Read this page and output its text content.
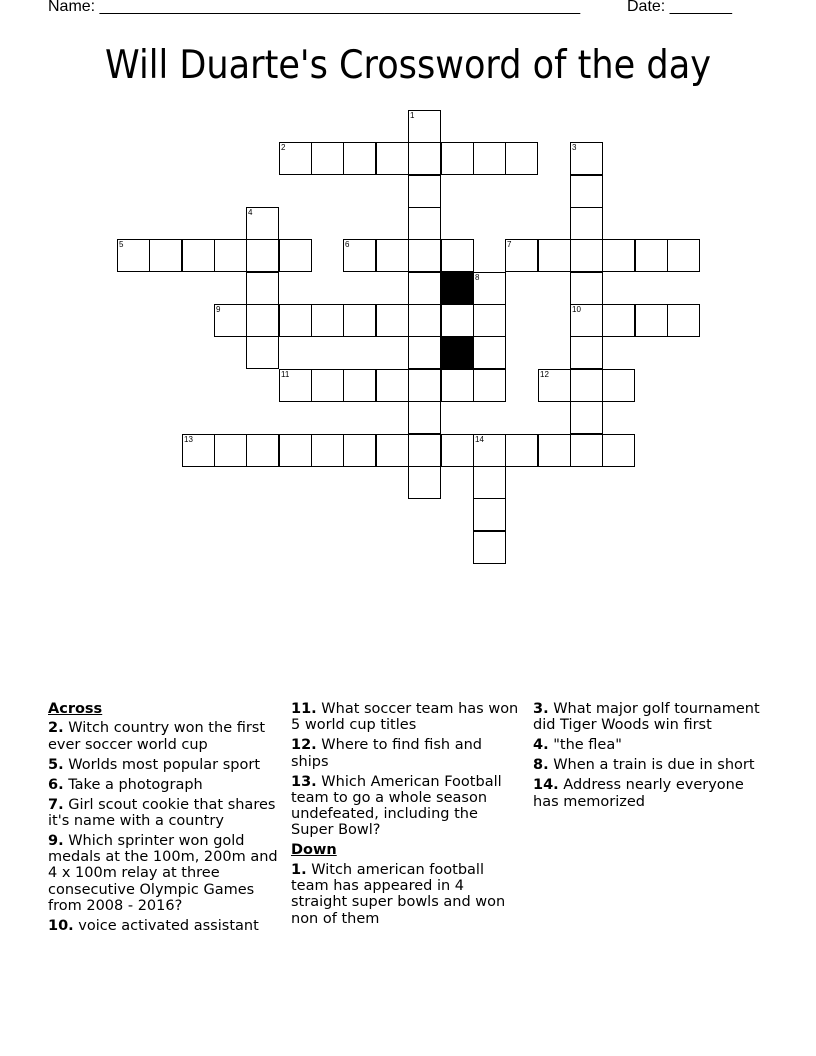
Name: ______________________________________________________	Date: _______
Will Duarte's Crossword of the day
2
5	6	7
9	10
11	12
13	14
1
3
4
8
Across
2. Witch country won the first ever soccer world cup
5. Worlds most popular sport
6. Take a photograph
7. Girl scout cookie that shares it's name with a country
9. Which sprinter won gold medals at the 100m, 200m and 4 x 100m relay at three consecutive Olympic Games from 2008 - 2016?
10. voice activated assistant
11. What soccer team has won 5 world cup titles
12. Where to find fish and ships
13. Which American Football team to go a whole season undefeated, including the Super Bowl?
Down
1. Witch american football team has appeared in 4 straight super bowls and won non of them
3. What major golf tournament did Tiger Woods win first
4. "the flea"
8. When a train is due in short
14. Address nearly everyone has memorized
